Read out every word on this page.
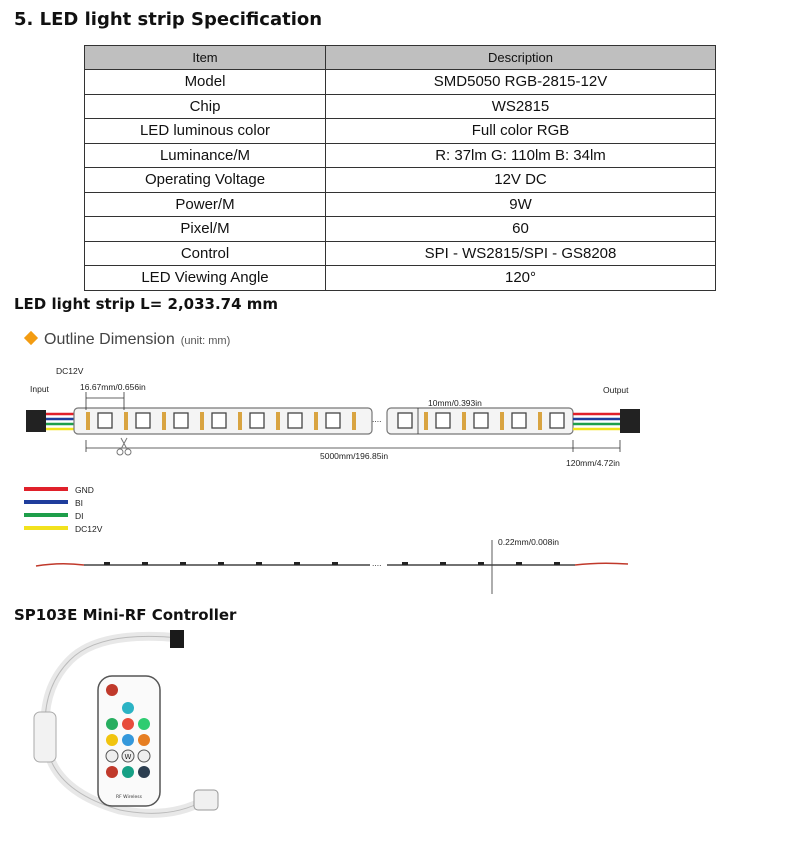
5. LED light strip Specification
Item	Description
Model	SMD5050 RGB-2815-12V
Chip	WS2815
LED luminous color	Full color RGB
Luminance/M	R: 37lm G: 110lm B: 34lm
Operating Voltage	12V DC
Power/M	9W
Pixel/M	60
Control	SPI - WS2815/SPI - GS8208
LED Viewing Angle	120°
LED light strip L= 2,033.74 mm
Outline Dimension (unit: mm)
DC12V
Input	Output
16.67mm/0.656in
10mm/0.393in
5000mm/196.85in
120mm/4.72in
0.22mm/0.008in
....
....
GND
BI
DI
DC12V
W
RF Wireless
SP103E Mini-RF Controller
